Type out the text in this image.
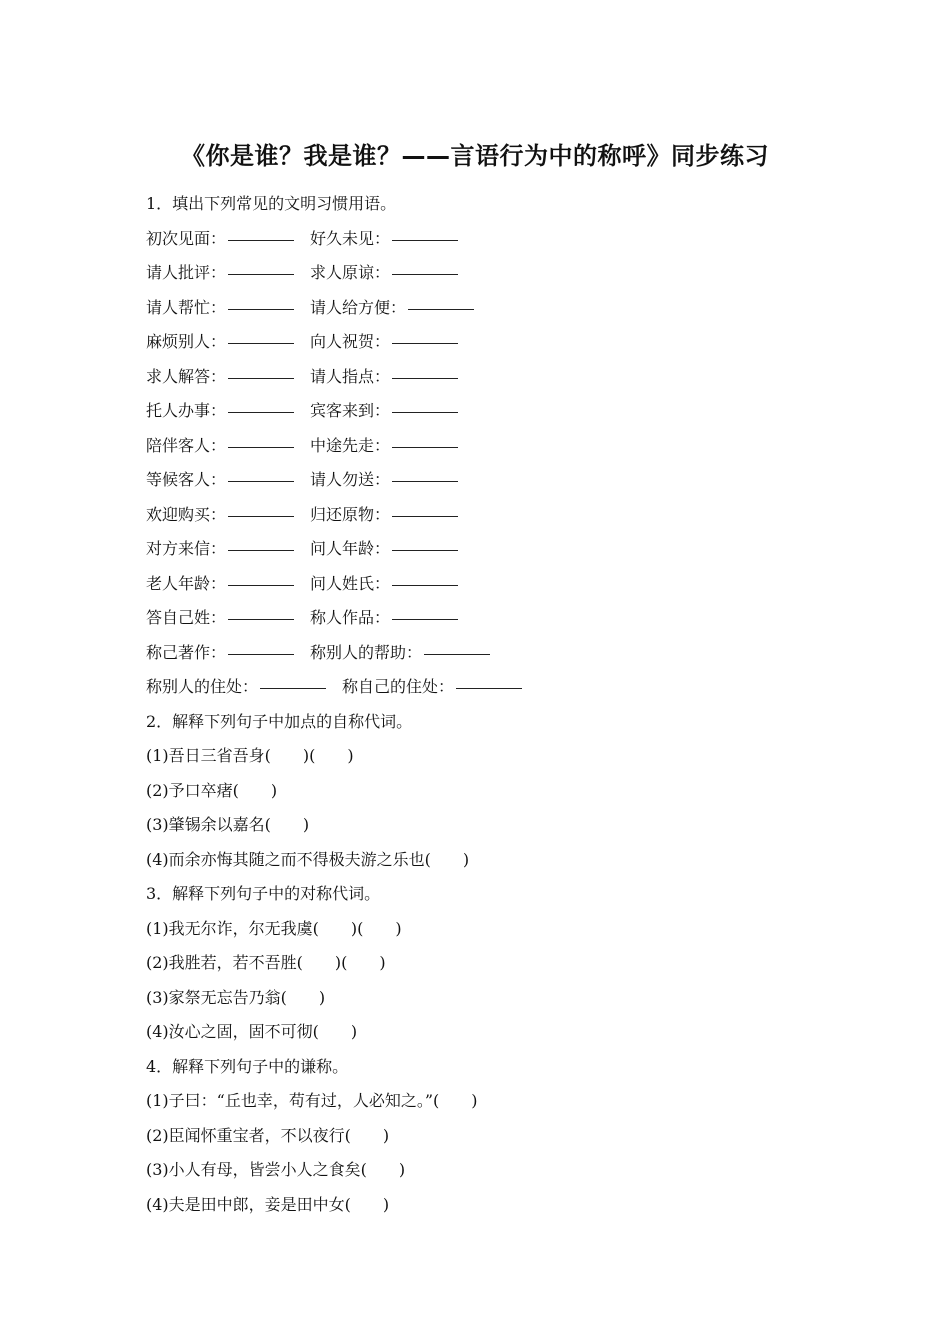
《你是谁？我是谁？——言语行为中的称呼》同步练习
1．填出下列常见的文明习惯用语。
初次见面：	好久未见：
请人批评：	求人原谅：
请人帮忙：	请人给方便：
麻烦别人：	向人祝贺：
求人解答：	请人指点：
托人办事：	宾客来到：
陪伴客人：	中途先走：
等候客人：	请人勿送：
欢迎购买：	归还原物：
对方来信：	问人年龄：
老人年龄：	问人姓氏：
答自己姓：	称人作品：
称己著作：	称别人的帮助：
称别人的住处：	称自己的住处：
2．解释下列句子中加点的自称代词。
(1)吾日三省吾身(　　)(　　)
(2)予口卒瘏(　　)
(3)肇锡余以嘉名(　　)
(4)而余亦悔其随之而不得极夫游之乐也(　　)
3．解释下列句子中的对称代词。
(1)我无尔诈，尔无我虞(　　)(　　)
(2)我胜若，若不吾胜(　　)(　　)
(3)家祭无忘告乃翁(　　)
(4)汝心之固，固不可彻(　　)
4．解释下列句子中的谦称。
(1)子曰：“丘也幸，苟有过，人必知之。”(　　)
(2)臣闻怀重宝者，不以夜行(　　)
(3)小人有母，皆尝小人之食矣(　　)
(4)夫是田中郎，妾是田中女(　　)
